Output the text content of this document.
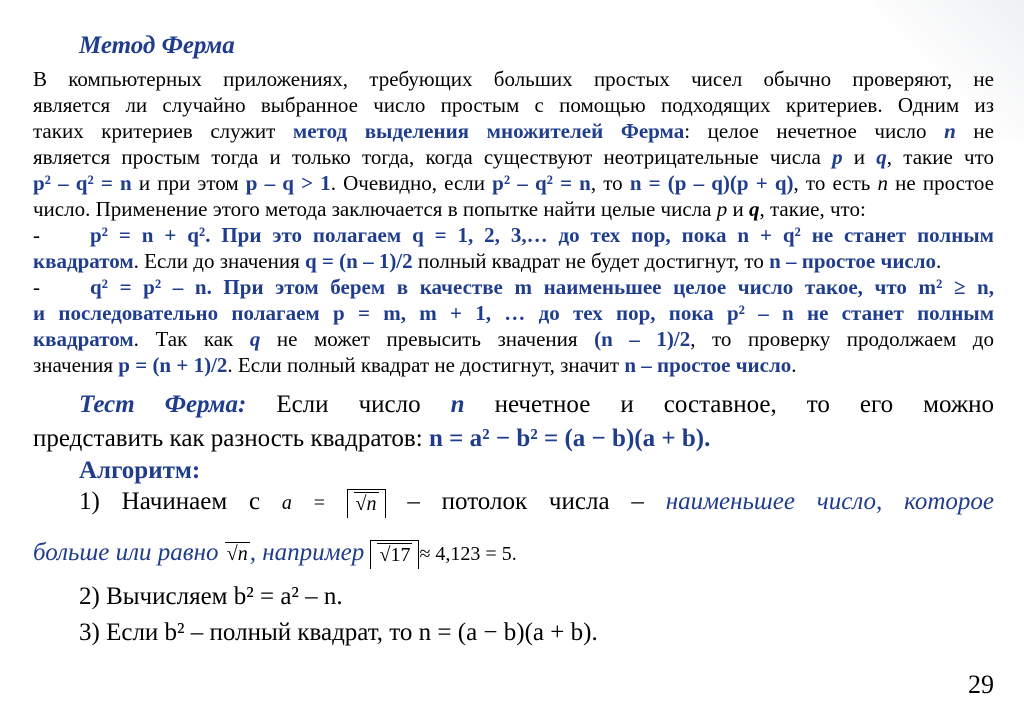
Метод Ферма
В компьютерных приложениях, требующих больших простых чисел обычно проверяют, не
является ли случайно выбранное число простым с помощью подходящих критериев. Одним из
таких критериев служит метод выделения множителей Ферма: целое нечетное число n не
является простым тогда и только тогда, когда существуют неотрицательные числа p и q, такие что
p² – q² = n и при этом p – q > 1. Очевидно, если p² – q² = n, то n = (p – q)(p + q), то есть n не простое
число. Применение этого метода заключается в попытке найти целые числа p и q, такие, что:
- p² = n + q². При это полагаем q = 1, 2, 3,… до тех пор, пока n + q² не станет полным
квадратом. Если до значения q = (n – 1)/2 полный квадрат не будет достигнут, то n – простое число.
- q² = p² – n. При этом берем в качестве m наименьшее целое число такое, что m² ≥ n,
и последовательно полагаем p = m, m + 1, … до тех пор, пока p² – n не станет полным
квадратом. Так как q не может превысить значения (n – 1)/2, то проверку продолжаем до
значения p = (n + 1)/2. Если полный квадрат не достигнут, значит n – простое число.
Тест Ферма: Если число n нечетное и составное, то его можно
представить как разность квадратов: n = a² − b² = (a − b)(a + b).
Алгоритм:
1) Начинаем с a = √n – потолок числа – наименьшее число, которое
больше или равно √n, например √17 ≈ 4,123 = 5.
2) Вычисляем b² = a² – n.
3) Если b² – полный квадрат, то n = (a − b)(a + b).
29
